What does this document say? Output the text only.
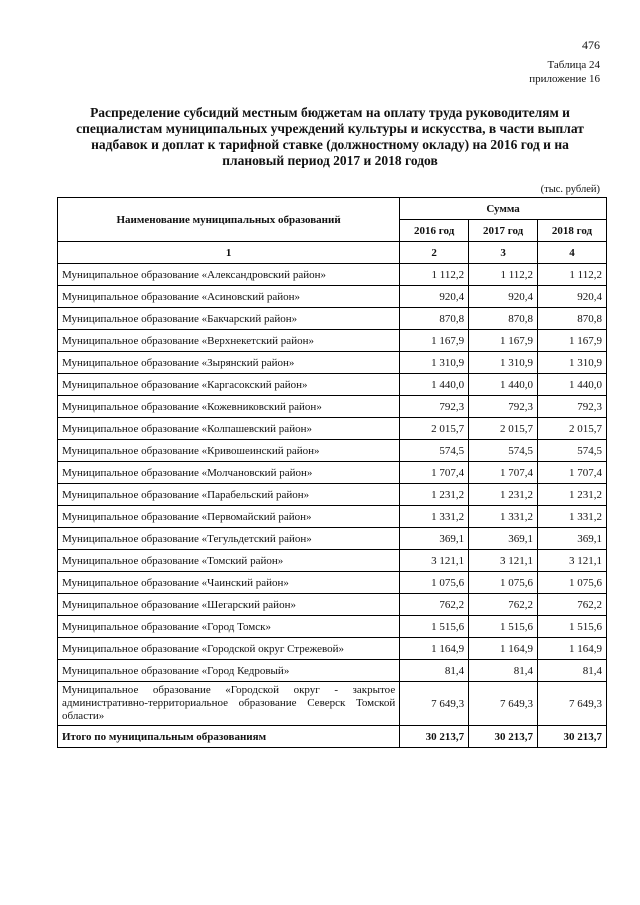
476
Таблица 24
приложение 16
Распределение субсидий местным бюджетам на оплату труда руководителям и специалистам муниципальных учреждений культуры и искусства, в части выплат надбавок и доплат к тарифной ставке (должностному окладу) на 2016 год и на плановый период 2017 и 2018 годов
(тыс. рублей)
Наименование муниципальных образований	Сумма		
	2016 год	2017 год	2018 год
1	2	3	4
Муниципальное образование «Александровский район»	1 112,2	1 112,2	1 112,2
Муниципальное образование «Асиновский район»	920,4	920,4	920,4
Муниципальное образование «Бакчарский район»	870,8	870,8	870,8
Муниципальное образование «Верхнекетский район»	1 167,9	1 167,9	1 167,9
Муниципальное образование «Зырянский район»	1 310,9	1 310,9	1 310,9
Муниципальное образование «Каргасокский район»	1 440,0	1 440,0	1 440,0
Муниципальное образование «Кожевниковский район»	792,3	792,3	792,3
Муниципальное образование «Колпашевский район»	2 015,7	2 015,7	2 015,7
Муниципальное образование «Кривошеинский район»	574,5	574,5	574,5
Муниципальное образование «Молчановский район»	1 707,4	1 707,4	1 707,4
Муниципальное образование «Парабельский район»	1 231,2	1 231,2	1 231,2
Муниципальное образование «Первомайский район»	1 331,2	1 331,2	1 331,2
Муниципальное образование «Тегульдетский район»	369,1	369,1	369,1
Муниципальное образование «Томский район»	3 121,1	3 121,1	3 121,1
Муниципальное образование «Чаинский район»	1 075,6	1 075,6	1 075,6
Муниципальное образование «Шегарский район»	762,2	762,2	762,2
Муниципальное образование «Город Томск»	1 515,6	1 515,6	1 515,6
Муниципальное образование «Городской округ Стрежевой»	1 164,9	1 164,9	1 164,9
Муниципальное образование «Город Кедровый»	81,4	81,4	81,4
Муниципальное образование «Городской округ - закрытое административно-территориальное образование Северск Томской области»	7 649,3	7 649,3	7 649,3
Итого по муниципальным образованиям	30 213,7	30 213,7	30 213,7
